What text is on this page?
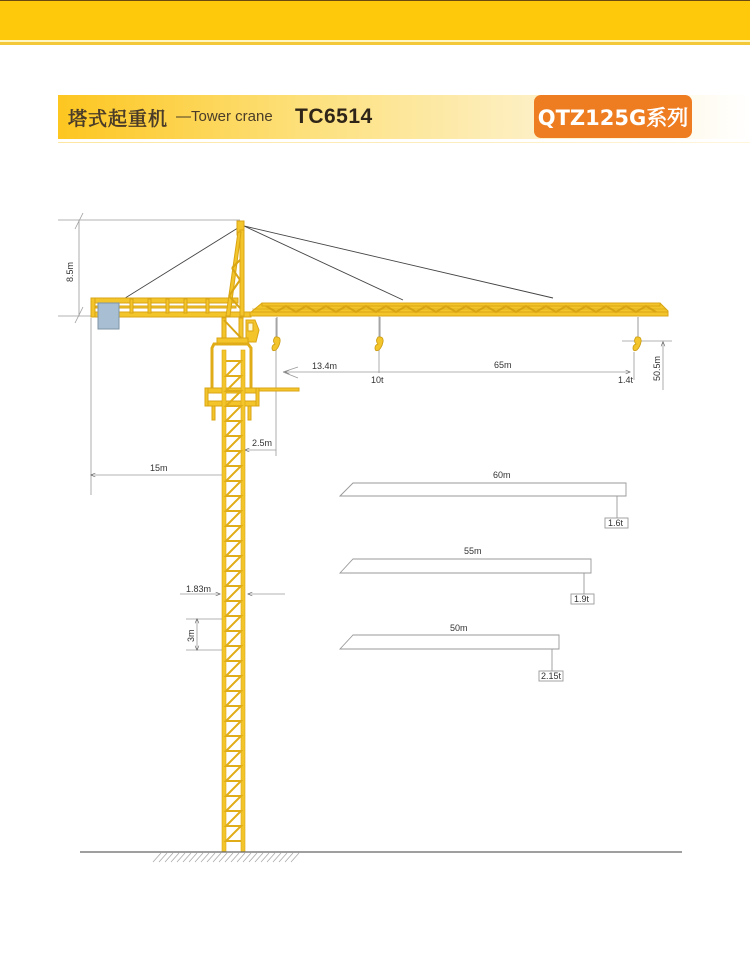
塔式起重机 —Tower crane TC6514	QTZ125G系列
8.5m
15m
2.5m
13.4m
10t
65m
1.4t 50.5m
1.83m
3m
60m
1.6t
55m
1.9t
50m
2.15t
